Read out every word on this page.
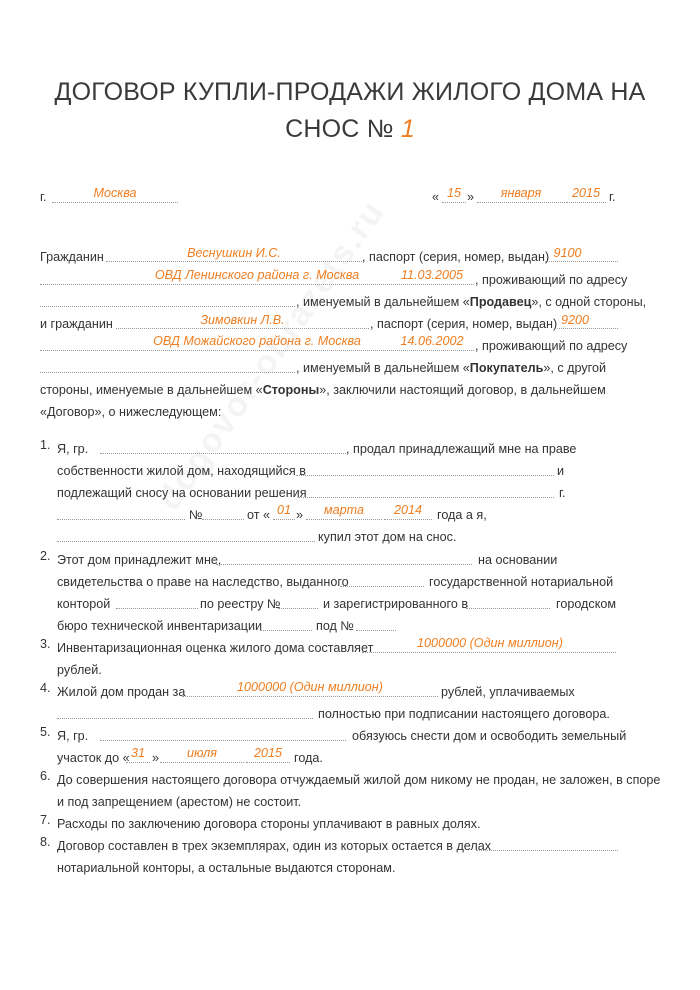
ДОГОВОР КУПЛИ-ПРОДАЖИ ЖИЛОГО ДОМА НА
СНОС № 1
г.	Москва	« 15 »	января	2015 г.
Гражданин	Веснушкин И.С.	, паспорт (серия, номер, выдан) 9100
ОВД Ленинского района г. Москва	11.03.2005 , проживающий по адресу
, именуемый в дальнейшем «Продавец», с одной стороны,
и гражданин	Зимовкин Л.В.	, паспорт (серия, номер, выдан) 9200
ОВД Можайского района г. Москва	14.06.2002 , проживающий по адресу
, именуемый в дальнейшем «Покупатель», с другой
стороны, именуемые в дальнейшем «Стороны», заключили настоящий договор, в дальнейшем
«Договор», о нижеследующем:
1. Я, гр.	, продал принадлежащий мне на праве
собственности жилой дом, находящийся в	и
подлежащий сносу на основании решения	г.
№	от « 01 »	марта	2014	года а я,
купил этот дом на снос.
2. Этот дом принадлежит мне,	на основании
свидетельства о праве на наследство, выданного	государственной нотариальной
конторой	по реестру №	и зарегистрированного в	городском
бюро технической инвентаризации	под №
3. Инвентаризационная оценка жилого дома составляет	1000000 (Один миллион)
рублей.
4. Жилой дом продан за	1000000 (Один миллион)	рублей, уплачиваемых
полностью при подписании настоящего договора.
5. Я, гр.	обязуюсь снести дом и освободить земельный
участок до « 31 »	июля	2015 года.
6. До совершения настоящего договора отчуждаемый жилой дом никому не продан, не заложен, в споре
и под запрещением (арестом) не состоит.
7. Расходы по заключению договора стороны уплачивают в равных долях.
8. Договор составлен в трех экземплярах, один из которых остается в делах
нотариальной конторы, а остальные выдаются сторонам.
